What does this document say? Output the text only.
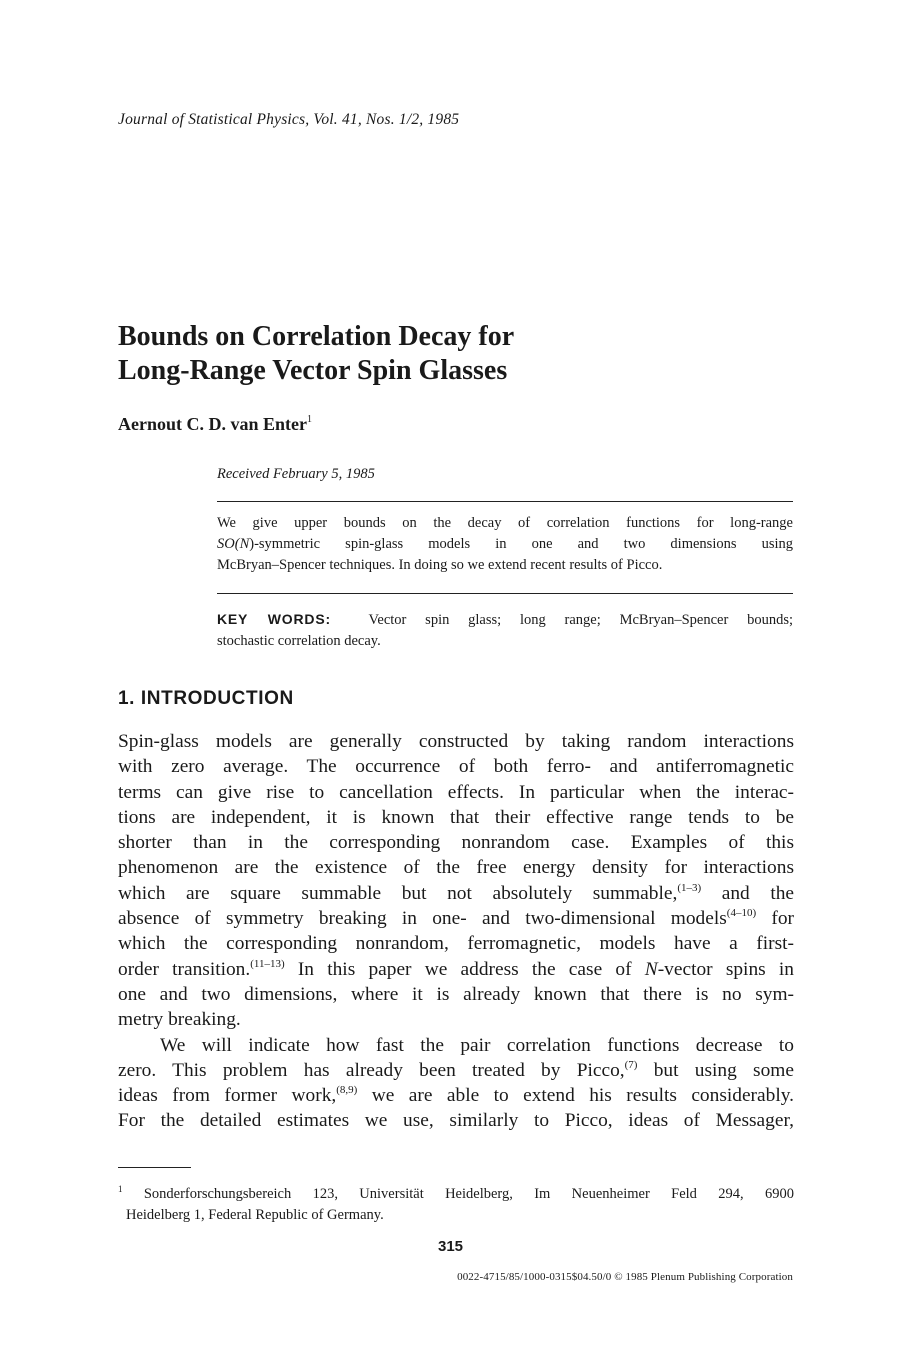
Journal of Statistical Physics, Vol. 41, Nos. 1/2, 1985
Bounds on Correlation Decay for
Long-Range Vector Spin Glasses
Aernout C. D. van Enter$^1$
Received February 5, 1985
We give upper bounds on the decay of correlation functions for long-range
SO(N)-symmetric spin-glass models in one and two dimensions using
McBryan–Spencer techniques. In doing so we extend recent results of Picco.
KEY WORDS:	Vector spin glass; long range; McBryan–Spencer bounds;
stochastic correlation decay.
1. INTRODUCTION
Spin-glass models are generally constructed by taking random interactions
with zero average. The occurrence of both ferro- and antiferromagnetic
terms can give rise to cancellation effects. In particular when the interac-
tions are independent, it is known that their effective range tends to be
shorter than in the corresponding nonrandom case. Examples of this
phenomenon are the existence of the free energy density for interactions
which are square summable but not absolutely summable,$^{(1-3)}$ and the
absence of symmetry breaking in one- and two-dimensional models$^{(4-10)}$ for
which the corresponding nonrandom, ferromagnetic, models have a first-
order transition.$^{(11-13)}$ In this paper we address the case of N-vector spins in
one and two dimensions, where it is already known that there is no sym-
metry breaking.
We will indicate how fast the pair correlation functions decrease to
zero. This problem has already been treated by Picco,$^{(7)}$ but using some
ideas from former work,$^{(8,9)}$ we are able to extend his results considerably.
For the detailed estimates we use, similarly to Picco, ideas of Messager,
$^1$ Sonderforschungsbereich 123, Universität Heidelberg, Im Neuenheimer Feld 294, 6900
Heidelberg 1, Federal Republic of Germany.
315
0022-4715/85/1000-0315$04.50/0 © 1985 Plenum Publishing Corporation
